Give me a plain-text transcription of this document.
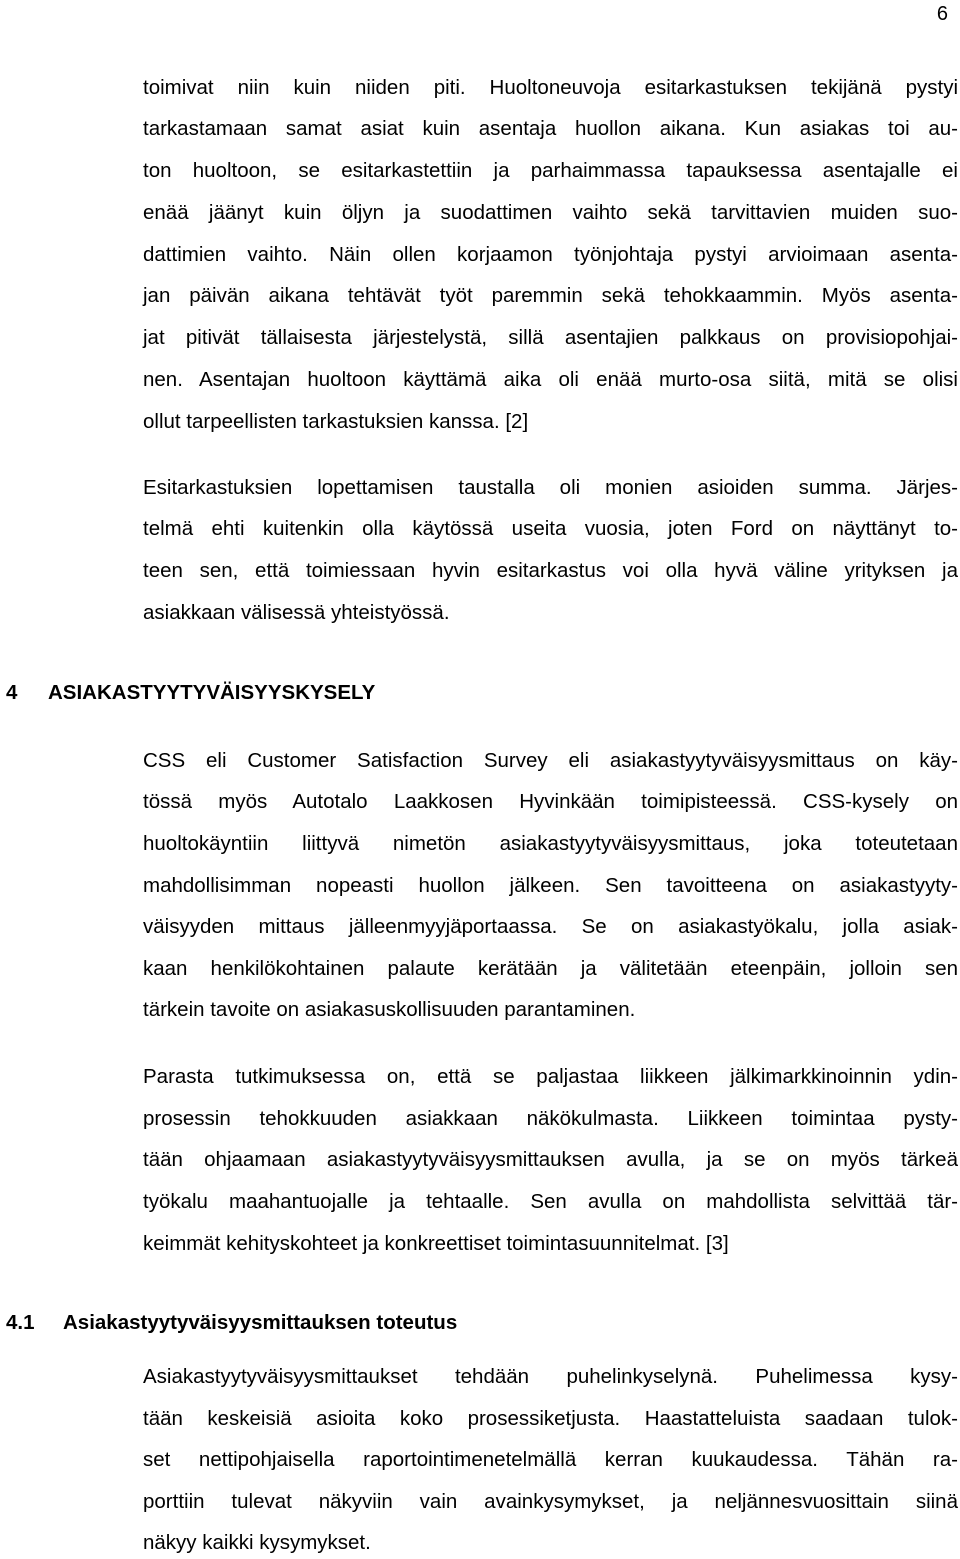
6
toimivat niin kuin niiden piti. Huoltoneuvoja esitarkastuksen tekijänä pystyi
tarkastamaan samat asiat kuin asentaja huollon aikana. Kun asiakas toi au-
ton huoltoon, se esitarkastettiin ja parhaimmassa tapauksessa asentajalle ei
enää jäänyt kuin öljyn ja suodattimen vaihto sekä tarvittavien muiden suo-
dattimien vaihto. Näin ollen korjaamon työnjohtaja pystyi arvioimaan asenta-
jan päivän aikana tehtävät työt paremmin sekä tehokkaammin. Myös asenta-
jat pitivät tällaisesta järjestelystä, sillä asentajien palkkaus on provisiopohjai-
nen. Asentajan huoltoon käyttämä aika oli enää murto-osa siitä, mitä se olisi
ollut tarpeellisten tarkastuksien kanssa. [2]
Esitarkastuksien lopettamisen taustalla oli monien asioiden summa. Järjes-
telmä ehti kuitenkin olla käytössä useita vuosia, joten Ford on näyttänyt to-
teen sen, että toimiessaan hyvin esitarkastus voi olla hyvä väline yrityksen ja
asiakkaan välisessä yhteistyössä.
4 ASIAKASTYYTYVÄISYYSKYSELY
CSS eli Customer Satisfaction Survey eli asiakastyytyväisyysmittaus on käy-
tössä myös Autotalo Laakkosen Hyvinkään toimipisteessä. CSS-kysely on
huoltokäyntiin liittyvä nimetön asiakastyytyväisyysmittaus, joka toteutetaan
mahdollisimman nopeasti huollon jälkeen. Sen tavoitteena on asiakastyyty-
väisyyden mittaus jälleenmyyjäportaassa. Se on asiakastyökalu, jolla asiak-
kaan henkilökohtainen palaute kerätään ja välitetään eteenpäin, jolloin sen
tärkein tavoite on asiakasuskollisuuden parantaminen.
Parasta tutkimuksessa on, että se paljastaa liikkeen jälkimarkkinoinnin ydin-
prosessin tehokkuuden asiakkaan näkökulmasta. Liikkeen toimintaa pysty-
tään ohjaamaan asiakastyytyväisyysmittauksen avulla, ja se on myös tärkeä
työkalu maahantuojalle ja tehtaalle. Sen avulla on mahdollista selvittää tär-
keimmät kehityskohteet ja konkreettiset toimintasuunnitelmat. [3]
4.1 Asiakastyytyväisyysmittauksen toteutus
Asiakastyytyväisyysmittaukset tehdään puhelinkyselynä. Puhelimessa kysy-
tään keskeisiä asioita koko prosessiketjusta. Haastatteluista saadaan tulok-
set nettipohjaisella raportointimenetelmällä kerran kuukaudessa. Tähän ra-
porttiin tulevat näkyviin vain avainkysymykset, ja neljännesvuosittain siinä
näkyy kaikki kysymykset.
